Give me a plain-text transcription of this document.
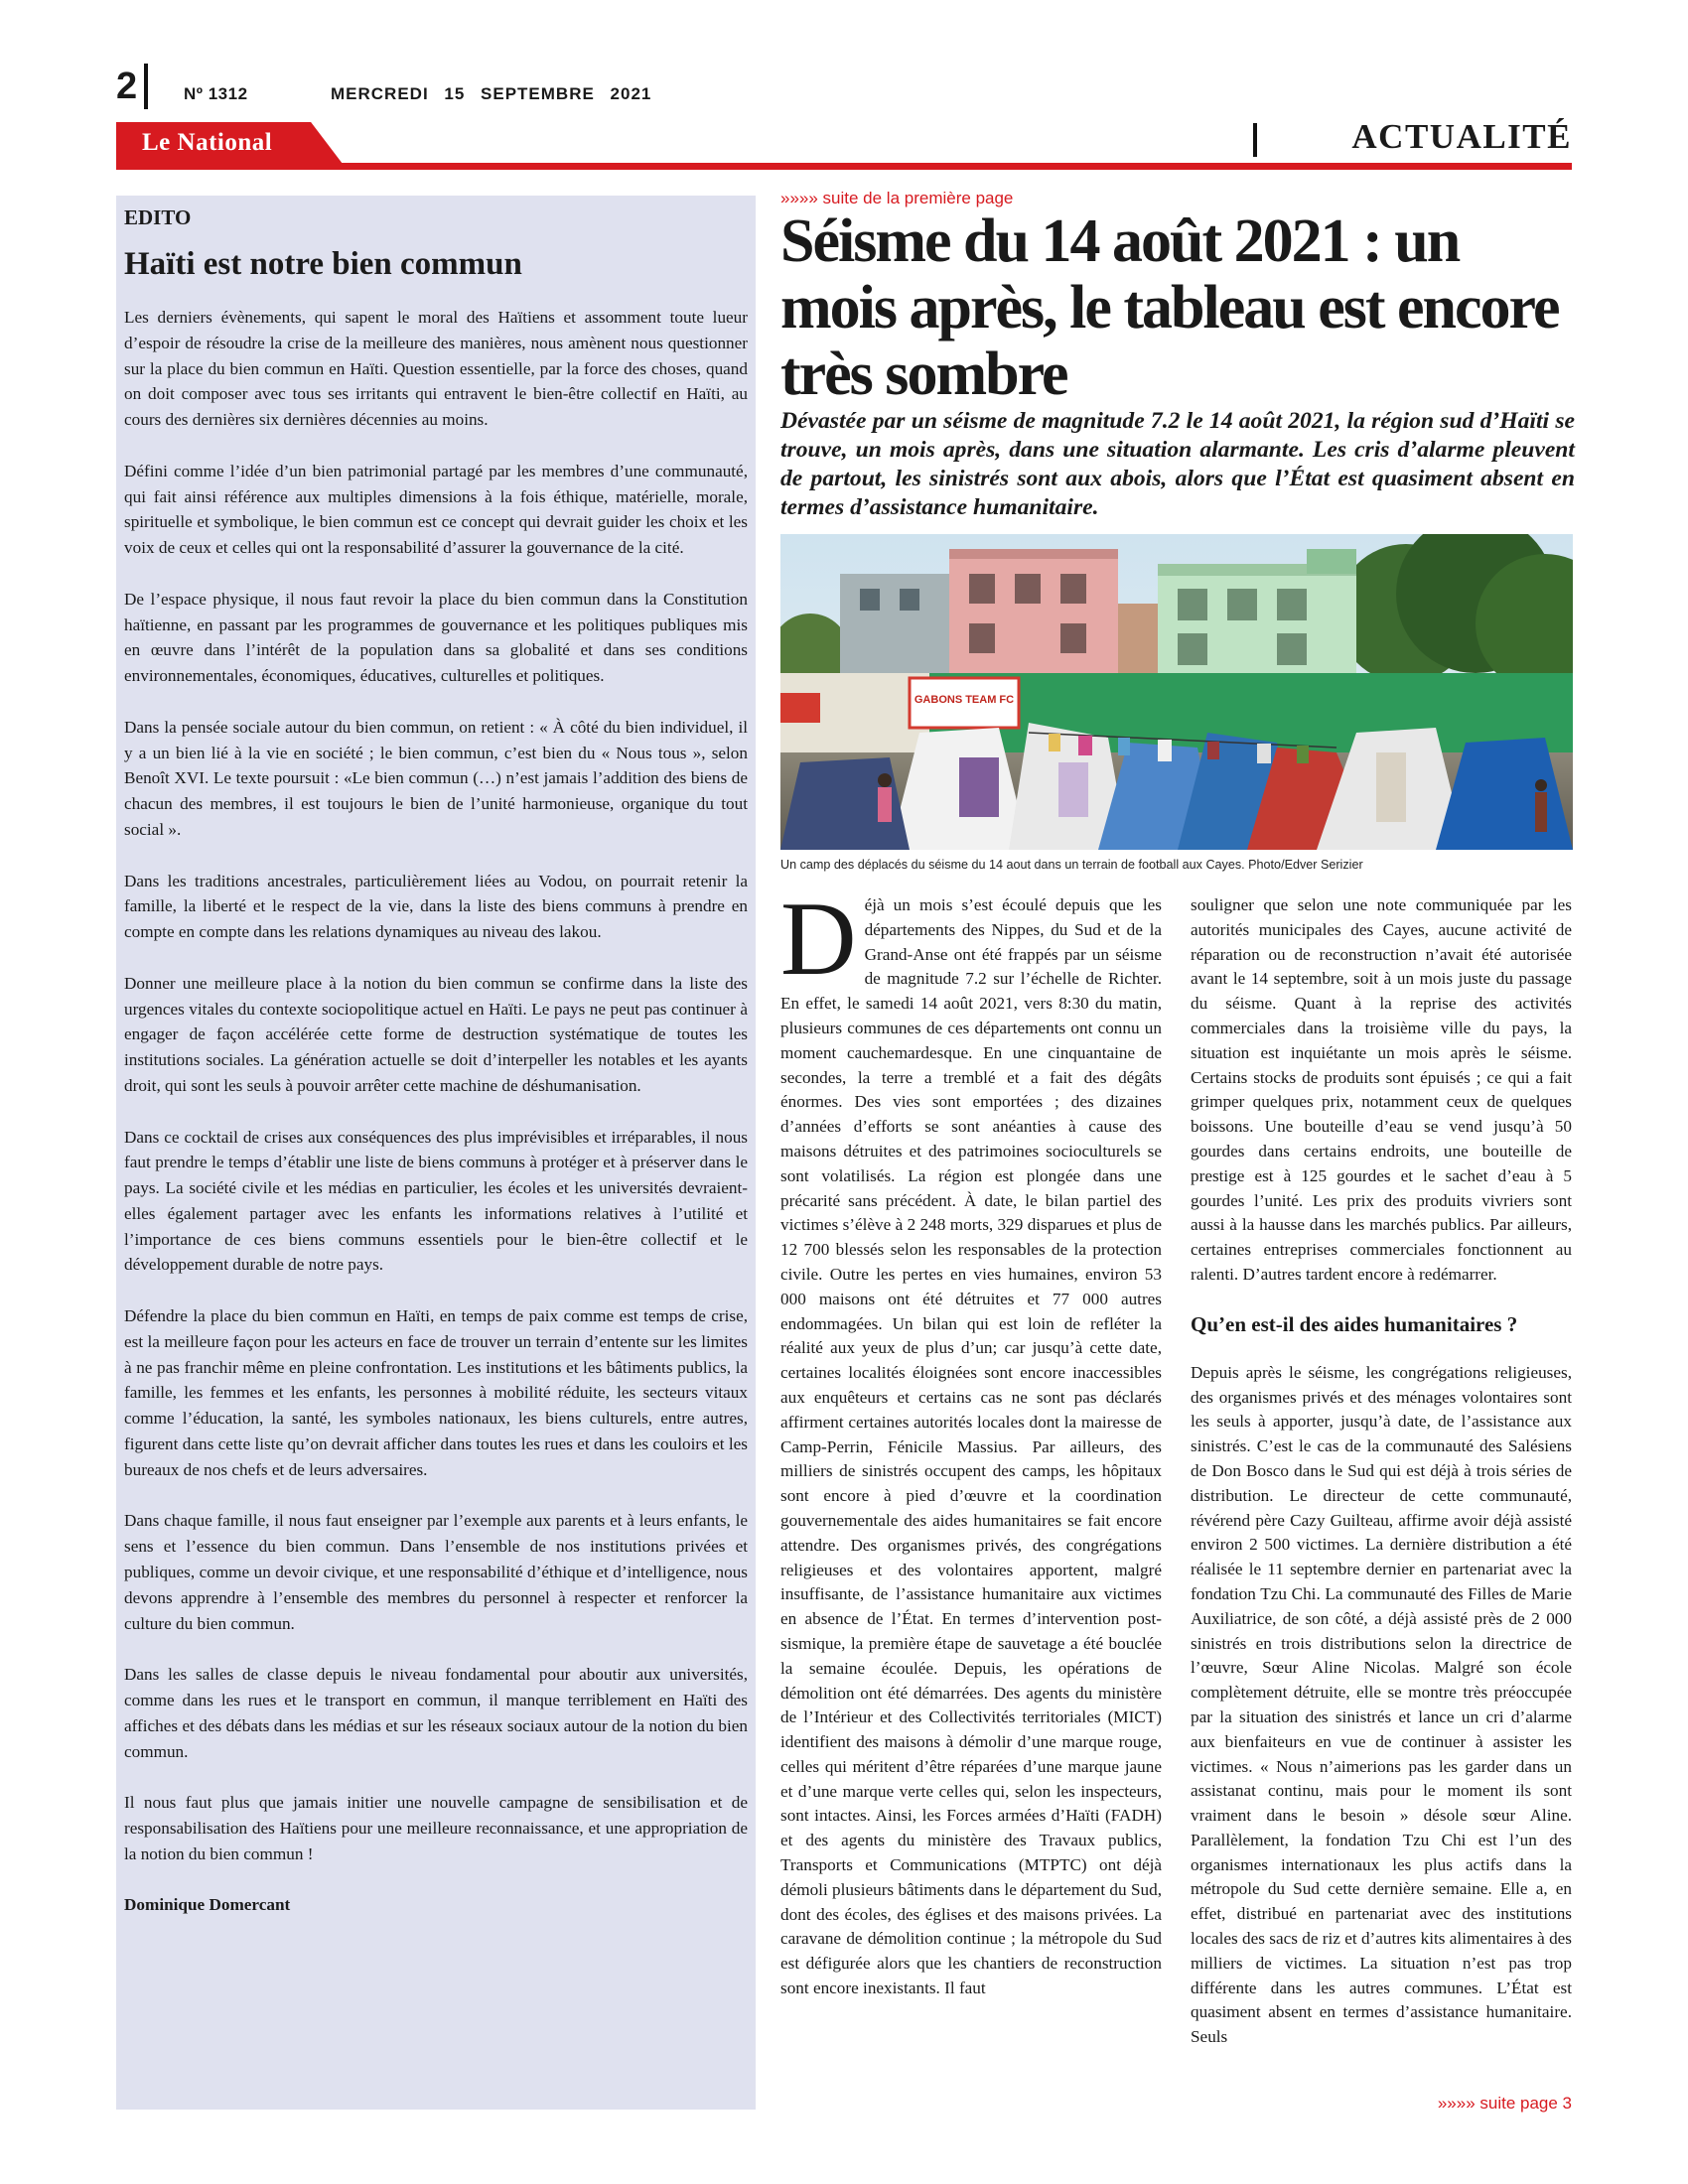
2	Nº 1312	MERCREDI 15 SEPTEMBRE 2021
Le National	ACTUALITÉ

EDITO

Haïti est notre bien commun

Les derniers évènements, qui sapent le moral des Haïtiens et assomment toute lueur d’espoir de résoudre la crise de la meilleure des manières, nous amènent nous questionner sur la place du bien commun en Haïti. Question essentielle, par la force des choses, quand on doit composer avec tous ses irritants qui entravent le bien-être collectif en Haïti, au cours des dernières six dernières décennies au moins.

Défini comme l’idée d’un bien patrimonial partagé par les membres d’une communauté, qui fait ainsi référence aux multiples dimensions à la fois éthique, matérielle, morale, spirituelle et symbolique, le bien commun est ce concept qui devrait guider les choix et les voix de ceux et celles qui ont la responsabilité d’assurer la gouvernance de la cité.

De l’espace physique, il nous faut revoir la place du bien commun dans la Constitution haïtienne, en passant par les programmes de gouvernance et les politiques publiques mis en œuvre dans l’intérêt de la population dans sa globalité et dans ses conditions environnementales, économiques, éducatives, culturelles et politiques.

Dans la pensée sociale autour du bien commun, on retient : « À côté du bien individuel, il y a un bien lié à la vie en société ; le bien commun, c’est bien du « Nous tous », selon Benoît XVI. Le texte poursuit : «Le bien commun (…) n’est jamais l’addition des biens de chacun des membres, il est toujours le bien de l’unité harmonieuse, organique du tout social ».

Dans les traditions ancestrales, particulièrement liées au Vodou, on pourrait retenir la famille, la liberté et le respect de la vie, dans la liste des biens communs à prendre en compte en compte dans les relations dynamiques au niveau des lakou.

Donner une meilleure place à la notion du bien commun se confirme dans la liste des urgences vitales du contexte sociopolitique actuel en Haïti. Le pays ne peut pas continuer à engager de façon accélérée cette forme de destruction systématique de toutes les institutions sociales. La génération actuelle se doit d’interpeller les notables et les ayants droit, qui sont les seuls à pouvoir arrêter cette machine de déshumanisation.

Dans ce cocktail de crises aux conséquences des plus imprévisibles et irréparables, il nous faut prendre le temps d’établir une liste de biens communs à protéger et à préserver dans le pays. La société civile et les médias en particulier, les écoles et les universités devraient-elles également partager avec les enfants les informations relatives à l’utilité et l’importance de ces biens communs essentiels pour le bien-être collectif et le développement durable de notre pays.

Défendre la place du bien commun en Haïti, en temps de paix comme est temps de crise, est la meilleure façon pour les acteurs en face de trouver un terrain d’entente sur les limites à ne pas franchir même en pleine confrontation. Les institutions et les bâtiments publics, la famille, les femmes et les enfants, les personnes à mobilité réduite, les secteurs vitaux comme l’éducation, la santé, les symboles nationaux, les biens culturels, entre autres, figurent dans cette liste qu’on devrait afficher dans toutes les rues et dans les couloirs et les bureaux de nos chefs et de leurs adversaires.

Dans chaque famille, il nous faut enseigner par l’exemple aux parents et à leurs enfants, le sens et l’essence du bien commun. Dans l’ensemble de nos institutions privées et publiques, comme un devoir civique, et une responsabilité d’éthique et d’intelligence, nous devons apprendre à l’ensemble des membres du personnel à respecter et renforcer la culture du bien commun.

Dans les salles de classe depuis le niveau fondamental pour aboutir aux universités, comme dans les rues et le transport en commun, il manque terriblement en Haïti des affiches et des débats dans les médias et sur les réseaux sociaux autour de la notion du bien commun.

Il nous faut plus que jamais initier une nouvelle campagne de sensibilisation et de responsabilisation des Haïtiens pour une meilleure reconnaissance, et une appropriation de la notion du bien commun !

Dominique Domercant

»»»» suite de la première page
Séisme du 14 août 2021 : un mois après, le tableau est encore très sombre

Dévastée par un séisme de magnitude 7.2 le 14 août 2021, la région sud d’Haïti se trouve, un mois après, dans une situation alarmante. Les cris d’alarme pleuvent de partout, les sinistrés sont aux abois, alors que l’État est quasiment absent en termes d’assistance humanitaire.

GABONS TEAM FC
Un camp des déplacés du séisme du 14 aout dans un terrain de football aux Cayes. Photo/Edver Serizier
D éjà un mois s’est écoulé depuis que les départements des Nippes, du Sud et de la Grand-Anse ont été frappés par un séisme de magnitude 7.2 sur l’échelle de Richter. En effet, le samedi 14 août 2021, vers 8:30 du matin, plusieurs communes de ces départements ont connu un moment cauchemardesque. En une cinquantaine de secondes, la terre a tremblé et a fait des dégâts énormes. Des vies sont emportées ; des dizaines d’années d’efforts se sont anéanties à cause des maisons détruites et des patrimoines socioculturels se sont volatilisés. La région est plongée dans une précarité sans précédent. À date, le bilan partiel des victimes s’élève à 2 248 morts, 329 disparues et plus de 12 700 blessés selon les responsables de la protection civile. Outre les pertes en vies humaines, environ 53 000 maisons ont été détruites et 77 000 autres endommagées. Un bilan qui est loin de refléter la réalité aux yeux de plus d’un; car jusqu’à cette date, certaines localités éloignées sont encore inaccessibles aux enquêteurs et certains cas ne sont pas déclarés affirment certaines autorités locales dont la mairesse de Camp-Perrin, Fénicile Massius. Par ailleurs, des milliers de sinistrés occupent des camps, les hôpitaux sont encore à pied d’œuvre et la coordination gouvernementale des aides humanitaires se fait encore attendre. Des organismes privés, des congrégations religieuses et des volontaires apportent, malgré insuffisante, de l’assistance humanitaire aux victimes en absence de l’État. En termes d’intervention post-sismique, la première étape de sauvetage a été bouclée la semaine écoulée. Depuis, les opérations de démolition ont été démarrées. Des agents du ministère de l’Intérieur et des Collectivités territoriales (MICT) identifient des maisons à démolir d’une marque rouge, celles qui méritent d’être réparées d’une marque jaune et d’une marque verte celles qui, selon les inspecteurs, sont intactes. Ainsi, les Forces armées d’Haïti (FADH) et des agents du ministère des Travaux publics, Transports et Communications (MTPTC) ont déjà démoli plusieurs bâtiments dans le département du Sud, dont des écoles, des églises et des maisons privées. La caravane de démolition continue ; la métropole du Sud est défigurée alors que les chantiers de reconstruction sont encore inexistants. Il faut

souligner que selon une note communiquée par les autorités municipales des Cayes, aucune activité de réparation ou de reconstruction n’avait été autorisée avant le 14 septembre, soit à un mois juste du passage du séisme. Quant à la reprise des activités commerciales dans la troisième ville du pays, la situation est inquiétante un mois après le séisme. Certains stocks de produits sont épuisés ; ce qui a fait grimper quelques prix, notamment ceux de quelques boissons. Une bouteille d’eau se vend jusqu’à 50 gourdes dans certains endroits, une bouteille de prestige est à 125 gourdes et le sachet d’eau à 5 gourdes l’unité. Les prix des produits vivriers sont aussi à la hausse dans les marchés publics. Par ailleurs, certaines entreprises commerciales fonctionnent au ralenti. D’autres tardent encore à redémarrer.

Qu’en est-il des aides humanitaires ?

Depuis après le séisme, les congrégations religieuses, des organismes privés et des ménages volontaires sont les seuls à apporter, jusqu’à date, de l’assistance aux sinistrés. C’est le cas de la communauté des Salésiens de Don Bosco dans le Sud qui est déjà à trois séries de distribution. Le directeur de cette communauté, révérend père Cazy Guilteau, affirme avoir déjà assisté environ 2 500 victimes. La dernière distribution a été réalisée le 11 septembre dernier en partenariat avec la fondation Tzu Chi. La communauté des Filles de Marie Auxiliatrice, de son côté, a déjà assisté près de 2 000 sinistrés en trois distributions selon la directrice de l’œuvre, Sœur Aline Nicolas. Malgré son école complètement détruite, elle se montre très préoccupée par la situation des sinistrés et lance un cri d’alarme aux bienfaiteurs en vue de continuer à assister les victimes. « Nous n’aimerions pas les garder dans un assistanat continu, mais pour le moment ils sont vraiment dans le besoin » désole sœur Aline. Parallèlement, la fondation Tzu Chi est l’un des organismes internationaux les plus actifs dans la métropole du Sud cette dernière semaine. Elle a, en effet, distribué en partenariat avec des institutions locales des sacs de riz et d’autres kits alimentaires à des milliers de victimes. La situation n’est pas trop différente dans les autres communes. L’État est quasiment absent en termes d’assistance humanitaire. Seuls

»»»» suite page 3
